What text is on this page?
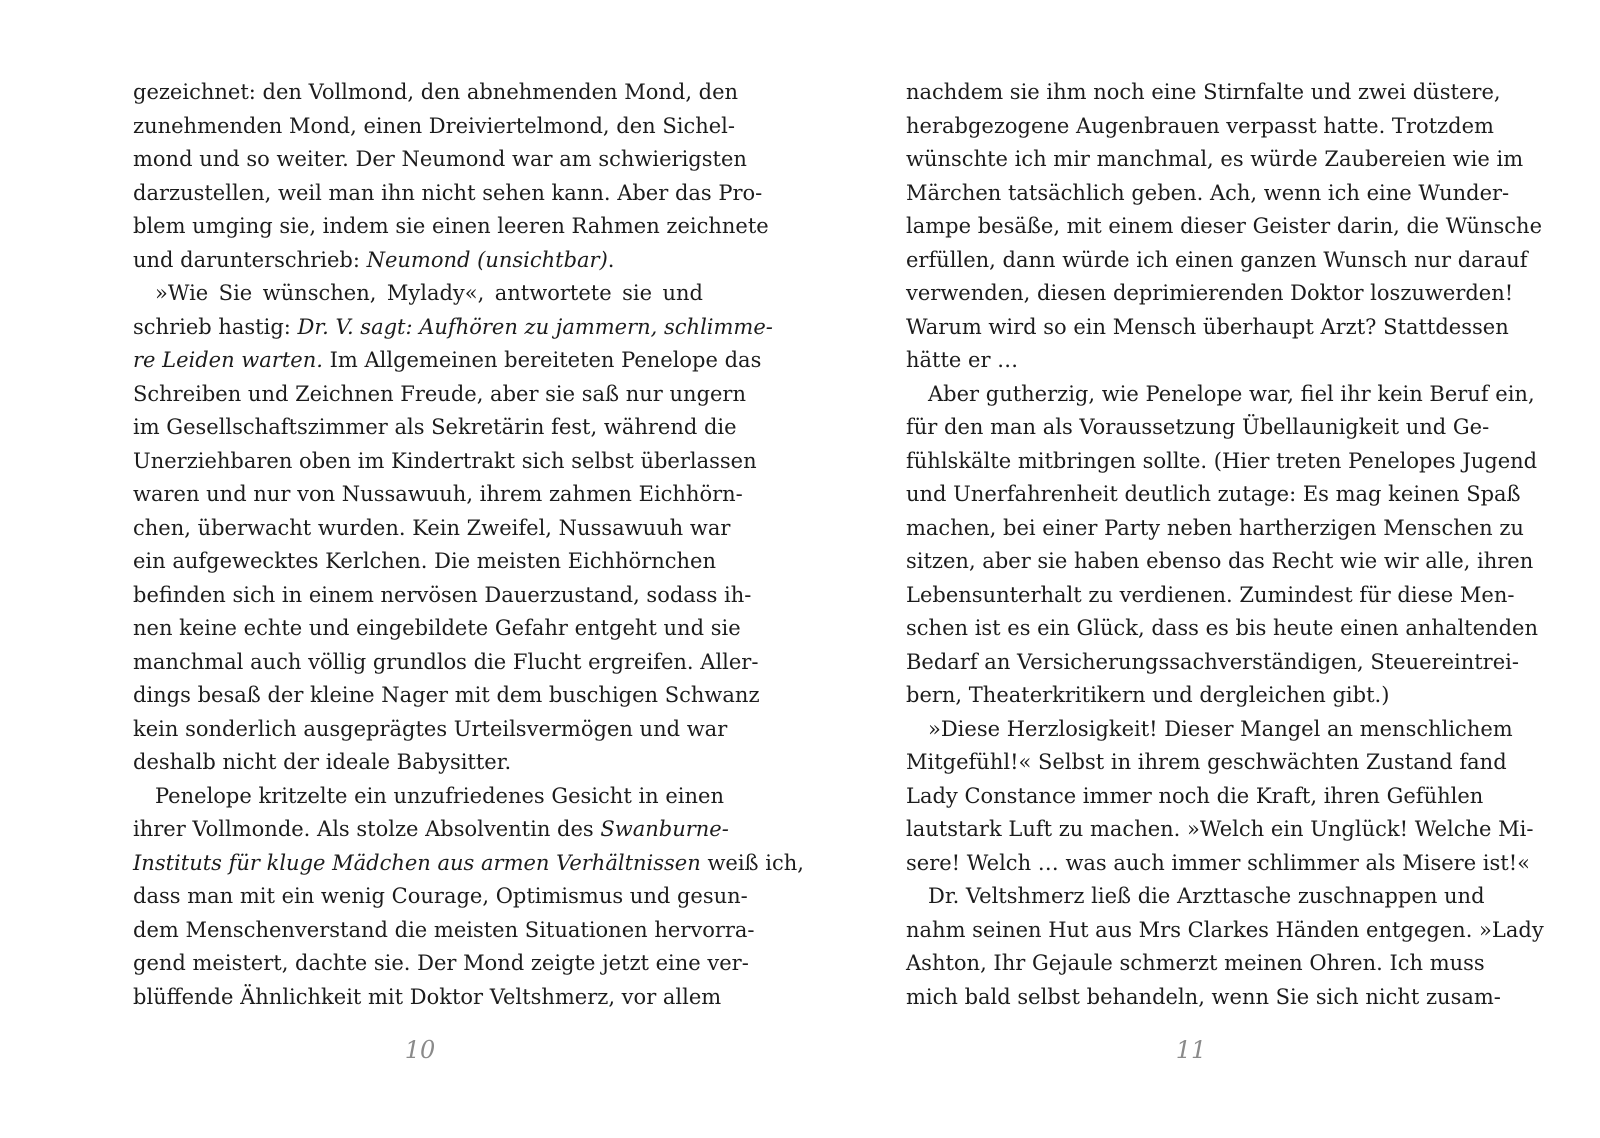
gezeichnet: den Vollmond, den abnehmenden Mond, den
zunehmenden Mond, einen Dreiviertelmond, den Sichel-
mond und so weiter. Der Neumond war am schwierigsten
darzustellen, weil man ihn nicht sehen kann. Aber das Pro-
blem umging sie, indem sie einen leeren Rahmen zeichnete
und darunterschrieb: Neumond (unsichtbar).
»Wie Sie wünschen, Mylady«, antwortete sie und
schrieb hastig: Dr. V. sagt: Aufhören zu jammern, schlimme-
re Leiden warten. Im Allgemeinen bereiteten Penelope das
Schreiben und Zeichnen Freude, aber sie saß nur ungern
im Gesellschaftszimmer als Sekretärin fest, während die
Unerziehbaren oben im Kindertrakt sich selbst überlassen
waren und nur von Nussawuuh, ihrem zahmen Eichhörn-
chen, überwacht wurden. Kein Zweifel, Nussawuuh war
ein aufgewecktes Kerlchen. Die meisten Eichhörnchen
befinden sich in einem nervösen Dauerzustand, sodass ih-
nen keine echte und eingebildete Gefahr entgeht und sie
manchmal auch völlig grundlos die Flucht ergreifen. Aller-
dings besaß der kleine Nager mit dem buschigen Schwanz
kein sonderlich ausgeprägtes Urteilsvermögen und war
deshalb nicht der ideale Babysitter.
Penelope kritzelte ein unzufriedenes Gesicht in einen
ihrer Vollmonde. Als stolze Absolventin des Swanburne-
Instituts für kluge Mädchen aus armen Verhältnissen weiß ich,
dass man mit ein wenig Courage, Optimismus und gesun-
dem Menschenverstand die meisten Situationen hervorra-
gend meistert, dachte sie. Der Mond zeigte jetzt eine ver-
blüffende Ähnlichkeit mit Doktor Veltshmerz, vor allem
10
nachdem sie ihm noch eine Stirnfalte und zwei düstere,
herabgezogene Augenbrauen verpasst hatte. Trotzdem
wünschte ich mir manchmal, es würde Zaubereien wie im
Märchen tatsächlich geben. Ach, wenn ich eine Wunder-
lampe besäße, mit einem dieser Geister darin, die Wünsche
erfüllen, dann würde ich einen ganzen Wunsch nur darauf
verwenden, diesen deprimierenden Doktor loszuwerden!
Warum wird so ein Mensch überhaupt Arzt? Stattdessen
hätte er …
Aber gutherzig, wie Penelope war, fiel ihr kein Beruf ein,
für den man als Voraussetzung Übellaunigkeit und Ge-
fühlskälte mitbringen sollte. (Hier treten Penelopes Jugend
und Unerfahrenheit deutlich zutage: Es mag keinen Spaß
machen, bei einer Party neben hartherzigen Menschen zu
sitzen, aber sie haben ebenso das Recht wie wir alle, ihren
Lebensunterhalt zu verdienen. Zumindest für diese Men-
schen ist es ein Glück, dass es bis heute einen anhaltenden
Bedarf an Versicherungssachverständigen, Steuereintrei-
bern, Theaterkritikern und dergleichen gibt.)
»Diese Herzlosigkeit! Dieser Mangel an menschlichem
Mitgefühl!« Selbst in ihrem geschwächten Zustand fand
Lady Constance immer noch die Kraft, ihren Gefühlen
lautstark Luft zu machen. »Welch ein Unglück! Welche Mi-
sere! Welch … was auch immer schlimmer als Misere ist!«
Dr. Veltshmerz ließ die Arzttasche zuschnappen und
nahm seinen Hut aus Mrs Clarkes Händen entgegen. »Lady
Ashton, Ihr Gejaule schmerzt meinen Ohren. Ich muss
mich bald selbst behandeln, wenn Sie sich nicht zusam-
11
